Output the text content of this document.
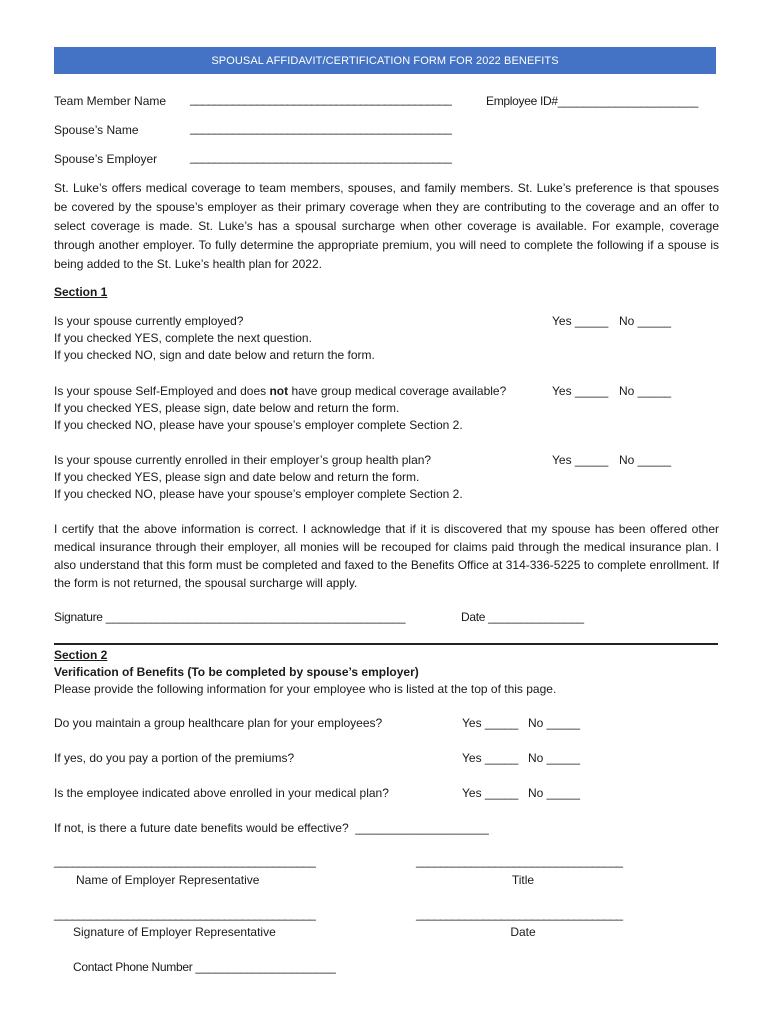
SPOUSAL AFFIDAVIT/CERTIFICATION FORM FOR 2022 BENEFITS
Team Member Name ___________________________________________	Employee ID#______________________
Spouse’s Name	___________________________________________
Spouse’s Employer	___________________________________________
St. Luke’s offers medical coverage to team members, spouses, and family members. St. Luke’s preference is that spouses be covered by the spouse’s employer as their primary coverage when they are contributing to the coverage and an offer to select coverage is made. St. Luke’s has a spousal surcharge when other coverage is available. For example, coverage through another employer. To fully determine the appropriate premium, you will need to complete the following if a spouse is being added to the St. Luke’s health plan for 2022.
Section 1
Is your spouse currently employed?
If you checked YES, complete the next question.
If you checked NO, sign and date below and return the form.
Yes _____ No _____
Is your spouse Self-Employed and does not have group medical coverage available?
If you checked YES, please sign, date below and return the form.
If you checked NO, please have your spouse’s employer complete Section 2.
Yes _____ No _____
Is your spouse currently enrolled in their employer’s group health plan?
If you checked YES, please sign and date below and return the form.
If you checked NO, please have your spouse’s employer complete Section 2.
Yes _____ No _____
I certify that the above information is correct. I acknowledge that if it is discovered that my spouse has been offered other medical insurance through their employer, all monies will be recouped for claims paid through the medical insurance plan. I also understand that this form must be completed and faxed to the Benefits Office at 314-336-5225 to complete enrollment. If the form is not returned, the spousal surcharge will apply.
Signature _______________________________________________	Date _______________
Section 2
Verification of Benefits (To be completed by spouse’s employer)
Please provide the following information for your employee who is listed at the top of this page.
Do you maintain a group healthcare plan for your employees?	Yes _____ No _____
If yes, do you pay a portion of the premiums?	Yes _____ No _____
Is the employee indicated above enrolled in your medical plan?	Yes _____ No _____
If not, is there a future date benefits would be effective?  ____________________
___________________________________________	__________________________________
Name of Employer Representative	Title
___________________________________________	__________________________________
Signature of Employer Representative	Date
Contact Phone Number ______________________
